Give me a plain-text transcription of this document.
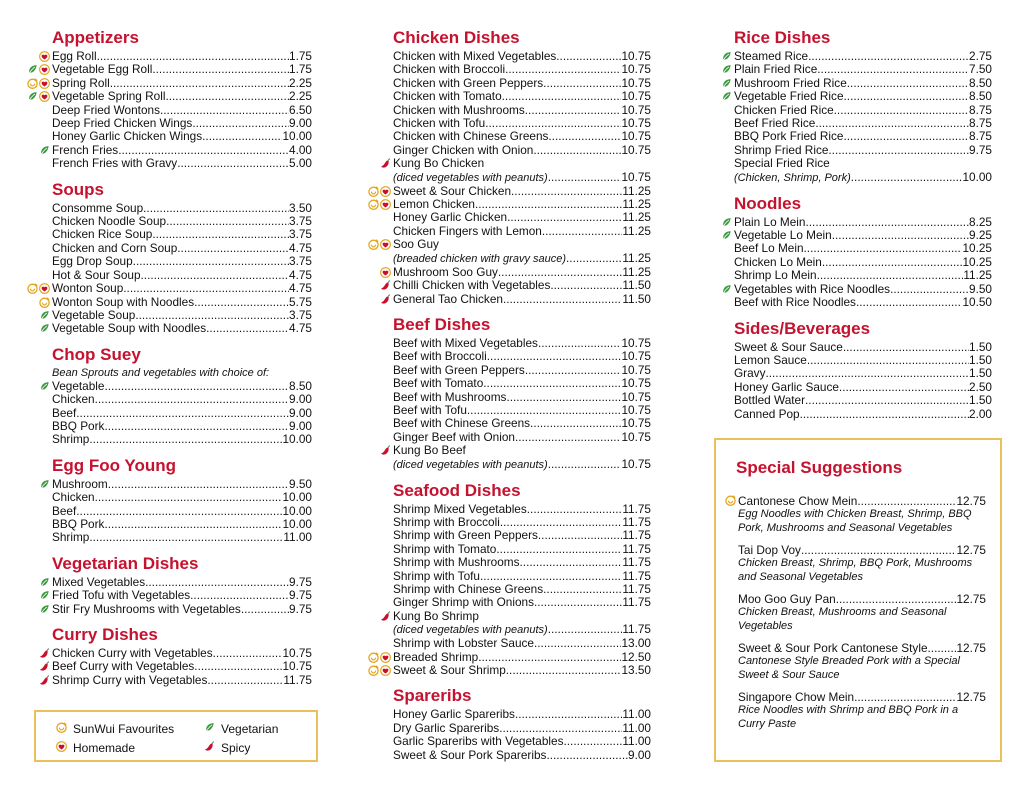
Appetizers
Egg Roll .....	1.75
Vegetable Egg Roll .....	1.75
Spring Roll .....	2.25
Vegetable Spring Roll .....	2.25
Deep Fried Wontons .....	6.50
Deep Fried Chicken Wings .....	9.00
Honey Garlic Chicken Wings .....	10.00
French Fries .....	4.00
French Fries with Gravy .....	5.00
Soups
Consomme Soup .....	3.50
Chicken Noodle Soup .....	3.75
Chicken Rice Soup .....	3.75
Chicken and Corn Soup .....	4.75
Egg Drop Soup .....	3.75
Hot & Sour Soup .....	4.75
Wonton Soup .....	4.75
Wonton Soup with Noodles .....	5.75
Vegetable Soup .....	3.75
Vegetable Soup with Noodles .....	4.75
Chop Suey
Bean Sprouts and vegetables with choice of:
Vegetable .....	8.50
Chicken .....	9.00
Beef .....	9.00
BBQ Pork .....	9.00
Shrimp .....	10.00
Egg Foo Young
Mushroom .....	9.50
Chicken .....	10.00
Beef .....	10.00
BBQ Pork .....	10.00
Shrimp .....	11.00
Vegetarian Dishes
Mixed Vegetables .....	9.75
Fried Tofu with Vegetables .....	9.75
Stir Fry Mushrooms with Vegetables .....	9.75
Curry Dishes
Chicken Curry with Vegetables .....	10.75
Beef Curry with Vegetables .....	10.75
Shrimp Curry with Vegetables .....	11.75
Chicken Dishes
Chicken with Mixed Vegetables .....	10.75
Chicken with Broccoli .....	10.75
Chicken with Green Peppers .....	10.75
Chicken with Tomato .....	10.75
Chicken with Mushrooms .....	10.75
Chicken with Tofu .....	10.75
Chicken with Chinese Greens .....	10.75
Ginger Chicken with Onion .....	10.75
Kung Bo Chicken
(diced vegetables with peanuts) .....	10.75
Sweet & Sour Chicken .....	11.25
Lemon Chicken .....	11.25
Honey Garlic Chicken .....	11.25
Chicken Fingers with Lemon .....	11.25
Soo Guy
(breaded chicken with gravy sauce) .....	11.25
Mushroom Soo Guy .....	11.25
Chilli Chicken with Vegetables .....	11.50
General Tao Chicken .....	11.50
Beef Dishes
Beef with Mixed Vegetables .....	10.75
Beef with Broccoli .....	10.75
Beef with Green Peppers .....	10.75
Beef with Tomato .....	10.75
Beef with Mushrooms .....	10.75
Beef with Tofu .....	10.75
Beef with Chinese Greens .....	10.75
Ginger Beef with Onion .....	10.75
Kung Bo Beef
(diced vegetables with peanuts) .....	10.75
Seafood Dishes
Shrimp Mixed Vegetables .....	11.75
Shrimp with Broccoli .....	11.75
Shrimp with Green Peppers .....	11.75
Shrimp with Tomato .....	11.75
Shrimp with Mushrooms .....	11.75
Shrimp with Tofu .....	11.75
Shrimp with Chinese Greens .....	11.75
Ginger Shrimp with Onions .....	11.75
Kung Bo Shrimp
(diced vegetables with peanuts) .....	11.75
Shrimp with Lobster Sauce .....	13.00
Breaded Shrimp .....	12.50
Sweet & Sour Shrimp .....	13.50
Spareribs
Honey Garlic Spareribs .....	11.00
Dry Garlic Spareribs .....	11.00
Garlic Spareribs with Vegetables .....	11.00
Sweet & Sour Pork Spareribs .....	9.00
Rice Dishes
Steamed Rice .....	2.75
Plain Fried Rice .....	7.50
Mushroom Fried Rice .....	8.50
Vegetable Fried Rice .....	8.50
Chicken Fried Rice .....	8.75
Beef Fried Rice .....	8.75
BBQ Pork Fried Rice .....	8.75
Shrimp Fried Rice .....	9.75
Special Fried Rice
(Chicken, Shrimp, Pork) .....	10.00
Noodles
Plain Lo Mein .....	8.25
Vegetable Lo Mein .....	9.25
Beef Lo Mein .....	10.25
Chicken Lo Mein .....	10.25
Shrimp Lo Mein .....	11.25
Vegetables with Rice Noodles .....	9.50
Beef with Rice Noodles .....	10.50
Sides/Beverages
Sweet & Sour Sauce .....	1.50
Lemon Sauce .....	1.50
Gravy .....	1.50
Honey Garlic Sauce .....	2.50
Bottled Water .....	1.50
Canned Pop .....	2.00
SunWui Favourites
Homemade
Vegetarian
Spicy
Special Suggestions
Cantonese Chow Mein .....	12.75
Egg Noodles with Chicken Breast, Shrimp, BBQ Pork, Mushrooms and Seasonal Vegetables
Tai Dop Voy .....	12.75
Chicken Breast, Shrimp, BBQ Pork, Mushrooms and Seasonal Vegetables
Moo Goo Guy Pan .....	12.75
Chicken Breast, Mushrooms and Seasonal Vegetables
Sweet & Sour Pork Cantonese Style ..... 12.75
Cantonese Style Breaded Pork with a Special Sweet & Sour Sauce
Singapore Chow Mein .....	12.75
Rice Noodles with Shrimp and BBQ Pork in a Curry Paste
